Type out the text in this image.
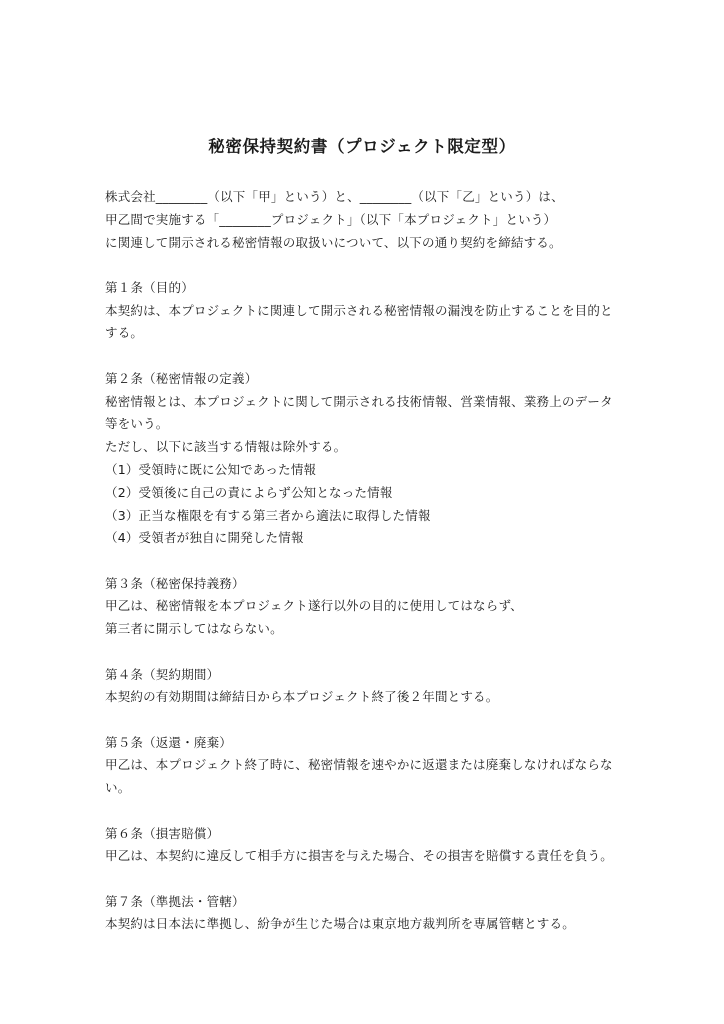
秘密保持契約書（プロジェクト限定型）
株式会社________（以下「甲」という）と、________（以下「乙」という）は、
甲乙間で実施する「________プロジェクト」（以下「本プロジェクト」という）
に関連して開示される秘密情報の取扱いについて、以下の通り契約を締結する。
第１条（目的）
本契約は、本プロジェクトに関連して開示される秘密情報の漏洩を防止することを目的と
する。
第２条（秘密情報の定義）
秘密情報とは、本プロジェクトに関して開示される技術情報、営業情報、業務上のデータ
等をいう。
ただし、以下に該当する情報は除外する。
（1）受領時に既に公知であった情報
（2）受領後に自己の責によらず公知となった情報
（3）正当な権限を有する第三者から適法に取得した情報
（4）受領者が独自に開発した情報
第３条（秘密保持義務）
甲乙は、秘密情報を本プロジェクト遂行以外の目的に使用してはならず、
第三者に開示してはならない。
第４条（契約期間）
本契約の有効期間は締結日から本プロジェクト終了後２年間とする。
第５条（返還・廃棄）
甲乙は、本プロジェクト終了時に、秘密情報を速やかに返還または廃棄しなければならな
い。
第６条（損害賠償）
甲乙は、本契約に違反して相手方に損害を与えた場合、その損害を賠償する責任を負う。
第７条（準拠法・管轄）
本契約は日本法に準拠し、紛争が生じた場合は東京地方裁判所を専属管轄とする。
